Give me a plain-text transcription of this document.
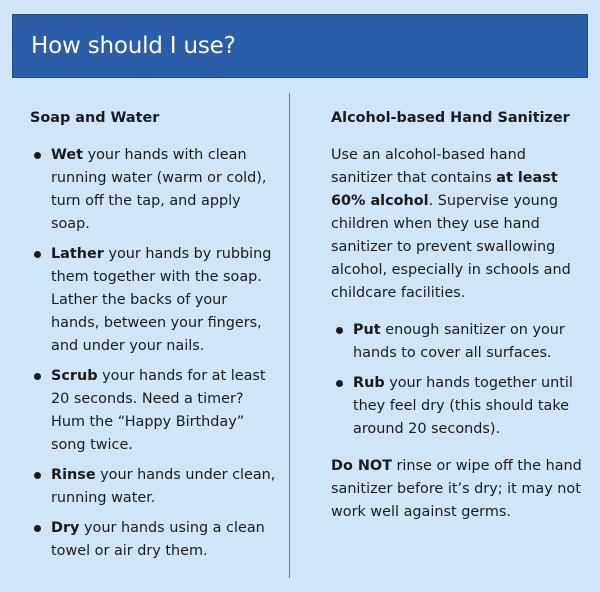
How should I use?
Soap and Water
Wet your hands with clean running water (warm or cold), turn off the tap, and apply soap.
Lather your hands by rubbing them together with the soap. Lather the backs of your hands, between your fingers, and under your nails.
Scrub your hands for at least 20 seconds. Need a timer? Hum the “Happy Birthday” song twice.
Rinse your hands under clean, running water.
Dry your hands using a clean towel or air dry them.
Alcohol-based Hand Sanitizer

Use an alcohol-based hand sanitizer that contains at least 60% alcohol. Supervise young children when they use hand sanitizer to prevent swallowing alcohol, especially in schools and childcare facilities.

Put enough sanitizer on your hands to cover all surfaces.
Rub your hands together until they feel dry (this should take around 20 seconds).

Do NOT rinse or wipe off the hand sanitizer before it’s dry; it may not work well against germs.
